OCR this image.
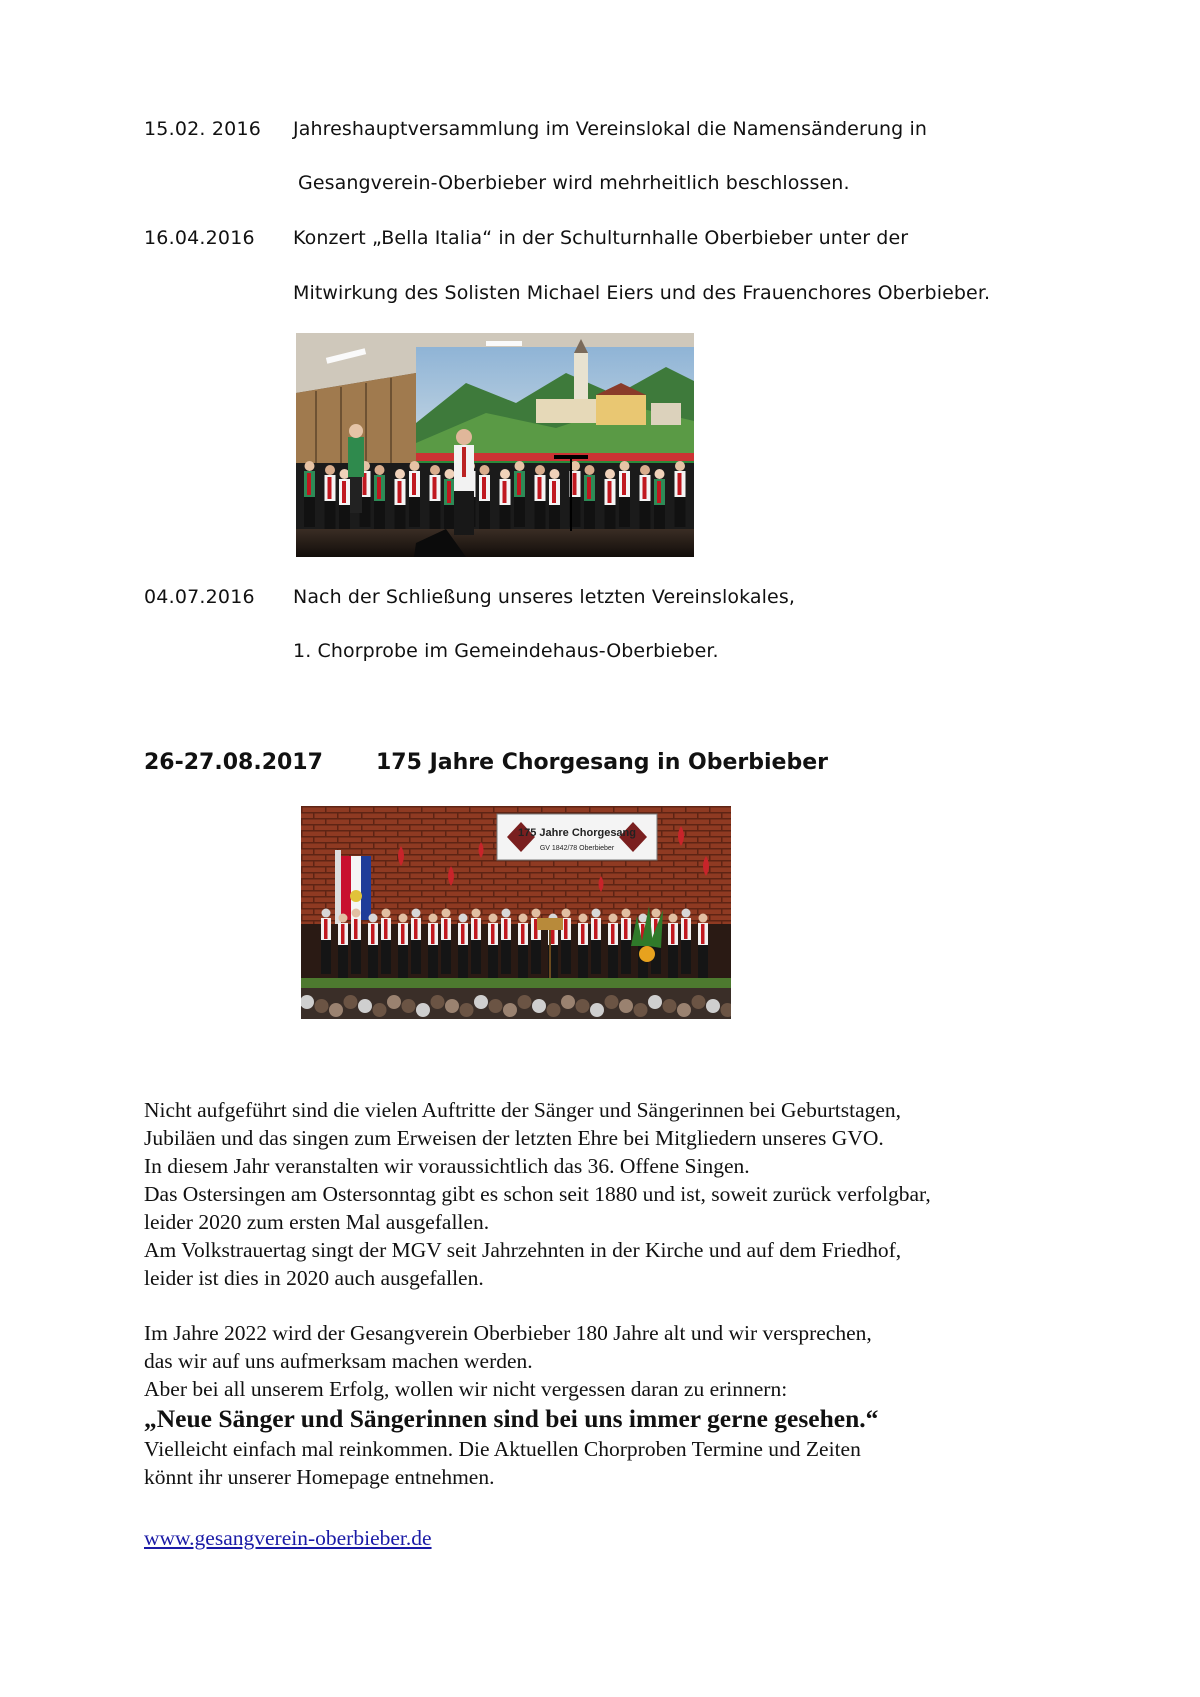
15.02. 2016 Jahreshauptversammlung im Vereinslokal die Namensänderung in
Gesangverein-Oberbieber wird mehrheitlich beschlossen.
16.04.2016 Konzert „Bella Italia“ in der Schulturnhalle Oberbieber unter der
Mitwirkung des Solisten Michael Eiers und des Frauenchores Oberbieber.
04.07.2016 Nach der Schließung unseres letzten Vereinslokales,
1. Chorprobe im Gemeindehaus-Oberbieber.
26-27.08.2017 175 Jahre Chorgesang in Oberbieber
175 Jahre Chorgesang
GV 1842/78 Oberbieber
Nicht aufgeführt sind die vielen Auftritte der Sänger und Sängerinnen bei Geburtstagen,
Jubiläen und das singen zum Erweisen der letzten Ehre bei Mitgliedern unseres GVO.
In diesem Jahr veranstalten wir voraussichtlich das 36. Offene Singen.
Das Ostersingen am Ostersonntag gibt es schon seit 1880 und ist, soweit zurück verfolgbar,
leider 2020 zum ersten Mal ausgefallen.
Am Volkstrauertag singt der MGV seit Jahrzehnten in der Kirche und auf dem Friedhof,
leider ist dies in 2020 auch ausgefallen.
Im Jahre 2022 wird der Gesangverein Oberbieber 180 Jahre alt und wir versprechen,
das wir auf uns aufmerksam machen werden.
Aber bei all unserem Erfolg, wollen wir nicht vergessen daran zu erinnern:
„Neue Sänger und Sängerinnen sind bei uns immer gerne gesehen.“
Vielleicht einfach mal reinkommen. Die Aktuellen Chorproben Termine und Zeiten
könnt ihr unserer Homepage entnehmen.
www.gesangverein-oberbieber.de
